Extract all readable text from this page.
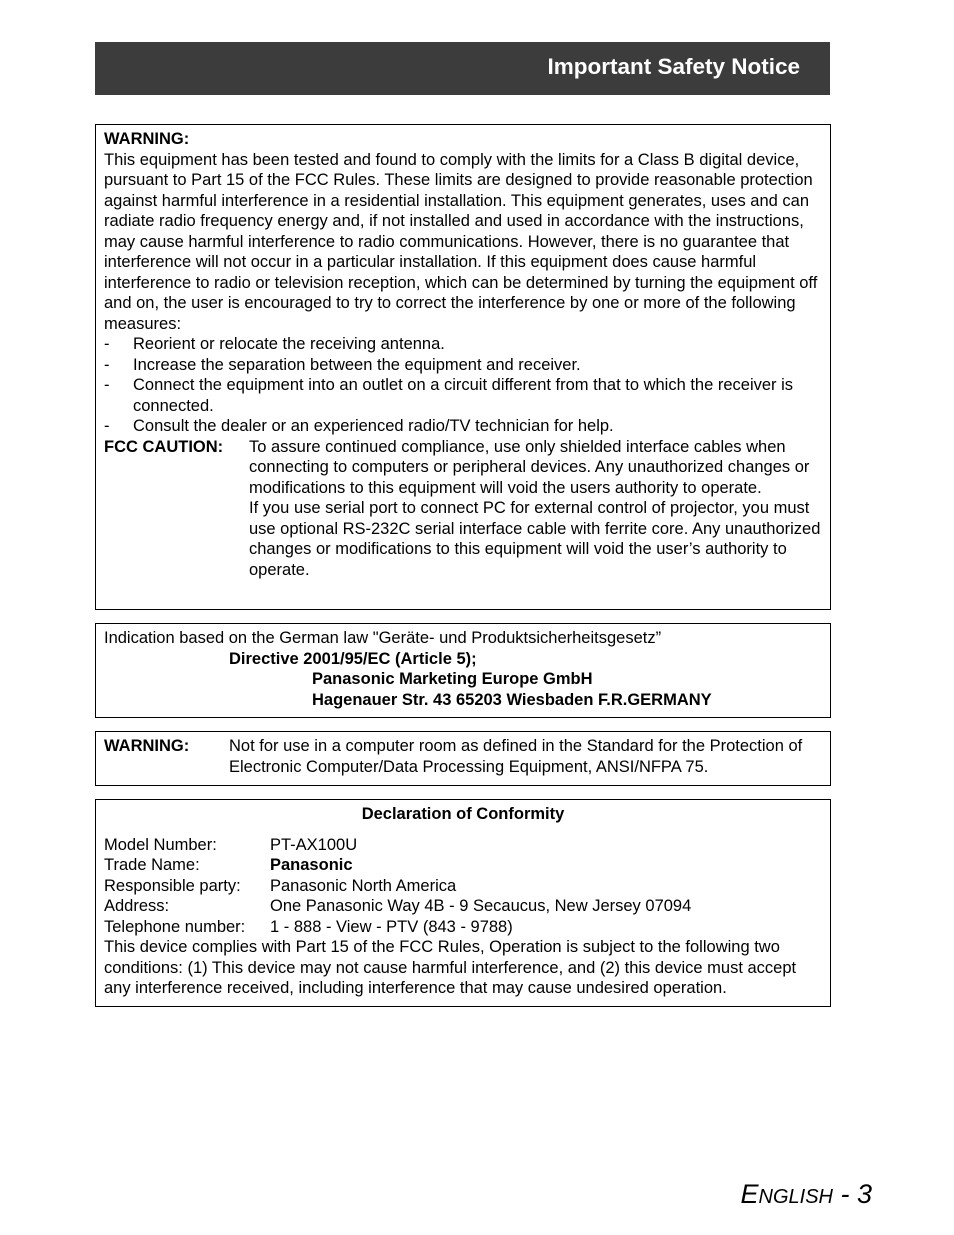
Important Safety Notice
WARNING:
This equipment has been tested and found to comply with the limits for a Class B digital device, pursuant to Part 15 of the FCC Rules. These limits are designed to provide reasonable protection against harmful interference in a residential installation. This equipment generates, uses and can radiate radio frequency energy and, if not installed and used in accordance with the instructions, may cause harmful interference to radio communications. However, there is no guarantee that interference will not occur in a particular installation. If this equipment does cause harmful interference to radio or television reception, which can be determined by turning the equipment off and on, the user is encouraged to try to correct the interference by one or more of the following measures:
-	Reorient or relocate the receiving antenna.
-	Increase the separation between the equipment and receiver.
-	Connect the equipment into an outlet on a circuit different from that to which the receiver is connected.
-	Consult the dealer or an experienced radio/TV technician for help.
FCC CAUTION:	To assure continued compliance, use only shielded interface cables when connecting to computers or peripheral devices. Any unauthorized changes or modifications to this equipment will void the users authority to operate.
If you use serial port to connect PC for external control of projector, you must use optional RS-232C serial interface cable with ferrite core. Any unauthorized changes or modifications to this equipment will void the user’s authority to operate.
Indication based on the German law "Geräte- und Produktsicherheitsgesetz”
Directive 2001/95/EC (Article 5);
Panasonic Marketing Europe GmbH
Hagenauer Str. 43 65203 Wiesbaden F.R.GERMANY
WARNING:	Not for use in a computer room as defined in the Standard for the Protection of Electronic Computer/Data Processing Equipment, ANSI/NFPA 75.
Declaration of Conformity
Model Number:	PT-AX100U
Trade Name:	Panasonic
Responsible party:	Panasonic North America
Address:	One Panasonic Way 4B - 9 Secaucus, New Jersey 07094
Telephone number:	1 - 888 - View - PTV (843 - 9788)
This device complies with Part 15 of the FCC Rules, Operation is subject to the following two conditions: (1) This device may not cause harmful interference, and (2) this device must accept any interference received, including interference that may cause undesired operation.
ENGLISH - 3
